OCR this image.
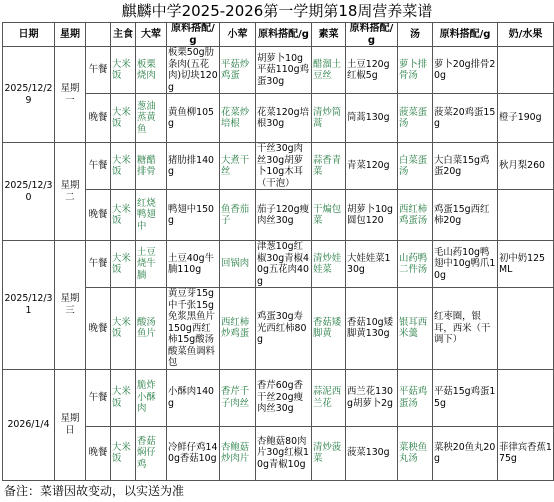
麒麟中学2025-2026第一学期第18周营养菜谱
日期	星期		主食	大荤	原料搭配/g	小荤	原料搭配/g	素菜	原料搭配/g	汤	原料搭配/g	奶/水果
2025/12/29	星期一	午餐	大米饭	板栗烧肉	板栗50g肋条肉(五花肉)切块120g	平菇炒鸡蛋	胡萝卜10g平菇110g鸡蛋30g	醋溜土豆丝	土豆120g红椒5g	萝卜排骨汤	萝卜20g排骨20g	
		晚餐	大米饭	葱油蒸黄鱼	黄鱼柳105g	花菜炒培根	花菜120g培根30g	清炒筒蒿	筒蒿130g	菠菜蛋汤	菠菜20鸡蛋15g	橙子190g
2025/12/30	星期二	午餐	大米饭	糖醋排骨	猪肋排140g	大煮干丝	干丝30g肉丝30g胡萝卜10g木耳（干泡）	蒜香青菜	青菜120g	白菜蛋汤	大白菜15g鸡蛋20g	秋月梨260
		晚餐	大米饭	红烧鸭翅中	鸭翅中150g	鱼香茄子	茄子120g瘦肉丝30g	干煸包菜	胡萝卜10g圆包120	西红柿鸡蛋汤	鸡蛋15g西红柿20g	
2025/12/31	星期三	午餐	大米饭	土豆烧牛腩	土豆40g牛腩110g	回锅肉	津葱10g红椒30g青椒40g五花肉40g	清炒娃娃菜	大娃娃菜130g	山药鸭二件汤	毛山药10g鸭翅中10g鸭爪10g	初中奶125ML
		晚餐	大米饭	酸汤鱼片	黄豆芽15g中千张15g免浆黑鱼片150g西红柿15g酸汤酸菜鱼调料包	西红柿炒鸡蛋	鸡蛋30g寿光西红柿80g	香菇矮脚黄	香菇10g矮脚黄130g	银耳西米羹	红枣圈，银耳，西米（干调下）	
2026/1/4	星期日	午餐	大米饭	脆炸小酥肉	小酥肉140g	香芹千子肉丝	香芹60g香干丝20g瘦肉丝30g	蒜泥西兰花	西兰花130g胡萝卜2g	平菇鸡蛋汤	平菇15g鸡蛋15g	
		晚餐	大米饭	香菇焖仔鸡	冷鲜仔鸡140g香菇10g	杏鲍菇炒肉片	杏鲍菇80肉片30g红椒10g青椒10g	清炒菠菜	菠菜130g	菜秧鱼丸汤	菜秧20鱼丸20g	菲律宾香蕉175g
备注：菜谱因故变动，以实送为准
